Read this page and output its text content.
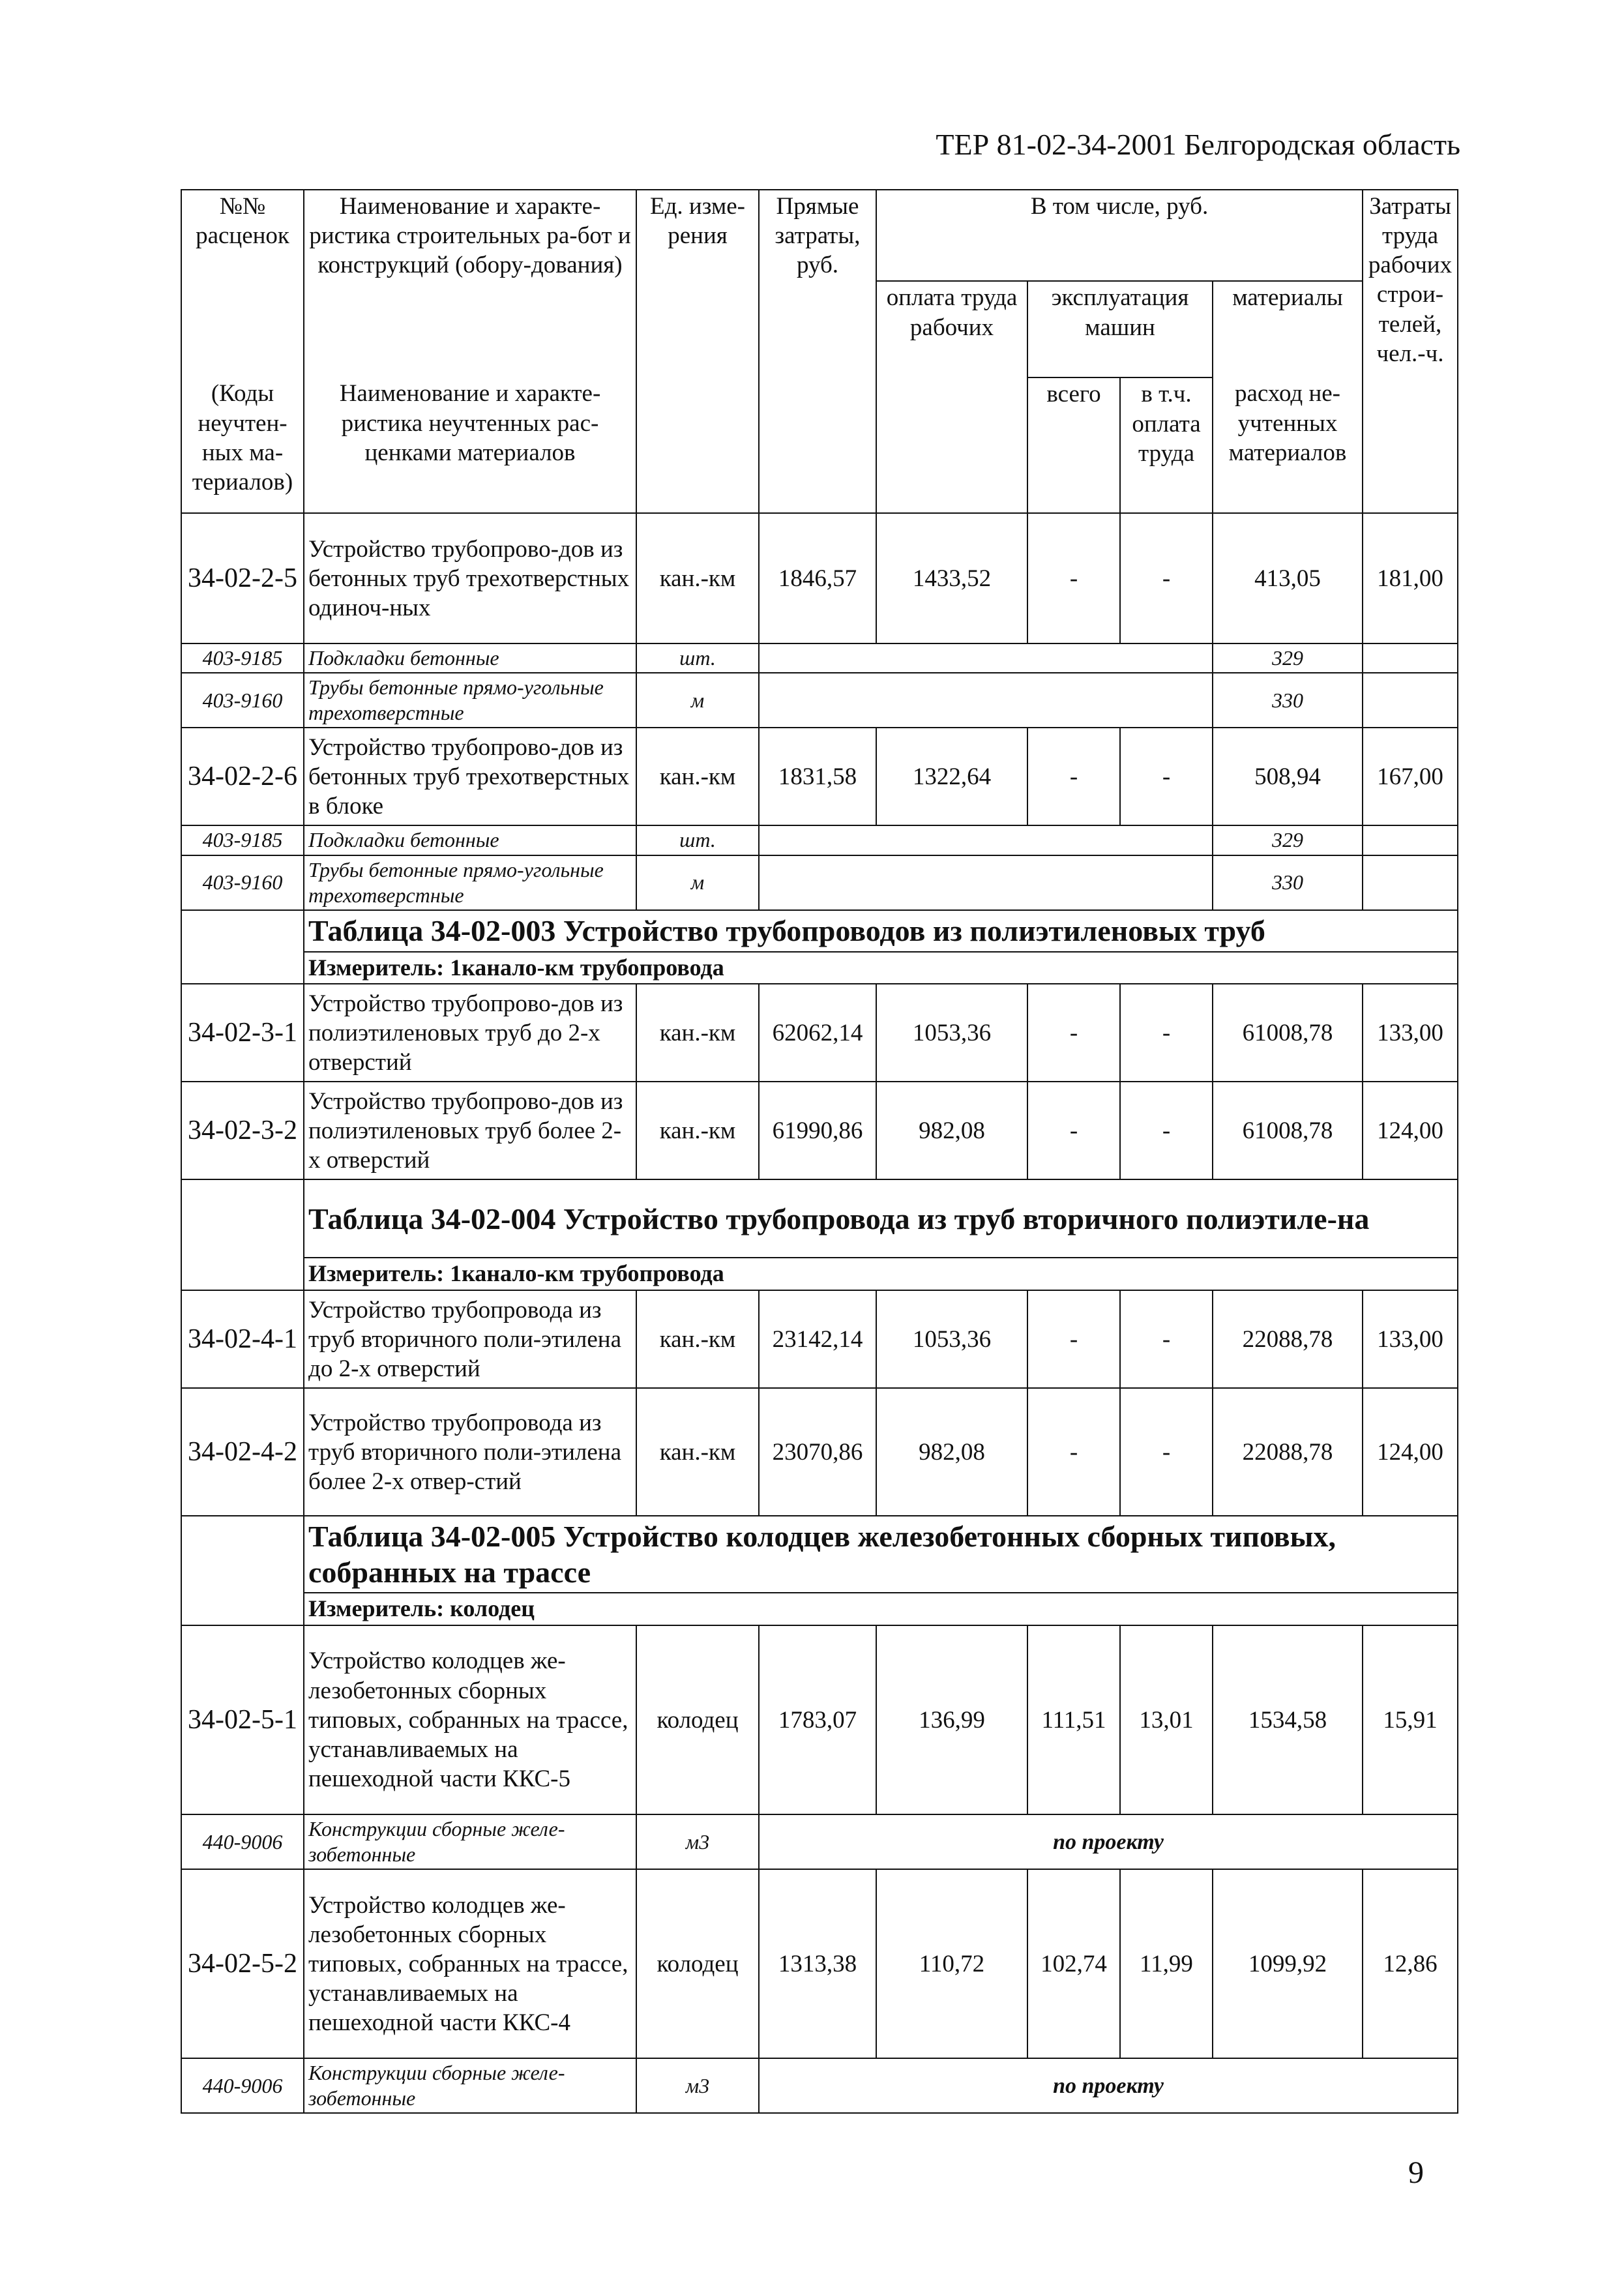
ТЕР 81-02-34-2001 Белгородская область
№№ расценок	Наименование и характе-ристика строительных ра-бот и конструкций (обору-дования)	Ед. изме-рения	Прямые затраты, руб.	В том числе, руб.				Затраты труда рабочих строи-телей, чел.-ч.
				оплата труда рабочих	эксплуатация машин		материалы	
(Коды неучтен-ных ма-териалов)	Наименование и характе-ристика неучтенных рас-ценками материалов				всего	в т.ч. оплата труда	расход не-учтенных материалов	
34-02-2-5	Устройство трубопрово-дов из бетонных труб трехотверстных одиноч-ных	кан.-км	1846,57	1433,52	-	-	413,05	181,00
403-9185	Подкладки бетонные	шт.					329	
403-9160	Трубы бетонные прямо-угольные трехотверстные	м					330	
34-02-2-6	Устройство трубопрово-дов из бетонных труб трехотверстных в блоке	кан.-км	1831,58	1322,64	-	-	508,94	167,00
403-9185	Подкладки бетонные	шт.					329	
403-9160	Трубы бетонные прямо-угольные трехотверстные	м					330	
	Таблица 34-02-003 Устройство трубопроводов из полиэтиленовых труб							
	Измеритель: 1канало-км трубопровода							
34-02-3-1	Устройство трубопрово-дов из полиэтиленовых труб до 2-х отверстий	кан.-км	62062,14	1053,36	-	-	61008,78	133,00
34-02-3-2	Устройство трубопрово-дов из полиэтиленовых труб более 2-х отверстий	кан.-км	61990,86	982,08	-	-	61008,78	124,00
	Таблица 34-02-004 Устройство трубопровода из труб вторичного полиэтиле-на							
	Измеритель: 1канало-км трубопровода							
34-02-4-1	Устройство трубопровода из труб вторичного поли-этилена до 2-х отверстий	кан.-км	23142,14	1053,36	-	-	22088,78	133,00
34-02-4-2	Устройство трубопровода из труб вторичного поли-этилена более 2-х отвер-стий	кан.-км	23070,86	982,08	-	-	22088,78	124,00
	Таблица 34-02-005 Устройство колодцев железобетонных сборных типовых, собранных на трассе							
	Измеритель: колодец							
34-02-5-1	Устройство колодцев же-лезобетонных сборных типовых, собранных на трассе, устанавливаемых на пешеходной части ККС-5	колодец	1783,07	136,99	111,51	13,01	1534,58	15,91
440-9006	Конструкции сборные желе-зобетонные	м3	по проекту					
34-02-5-2	Устройство колодцев же-лезобетонных сборных типовых, собранных на трассе, устанавливаемых на пешеходной части ККС-4	колодец	1313,38	110,72	102,74	11,99	1099,92	12,86
440-9006	Конструкции сборные желе-зобетонные	м3	по проекту					
9
